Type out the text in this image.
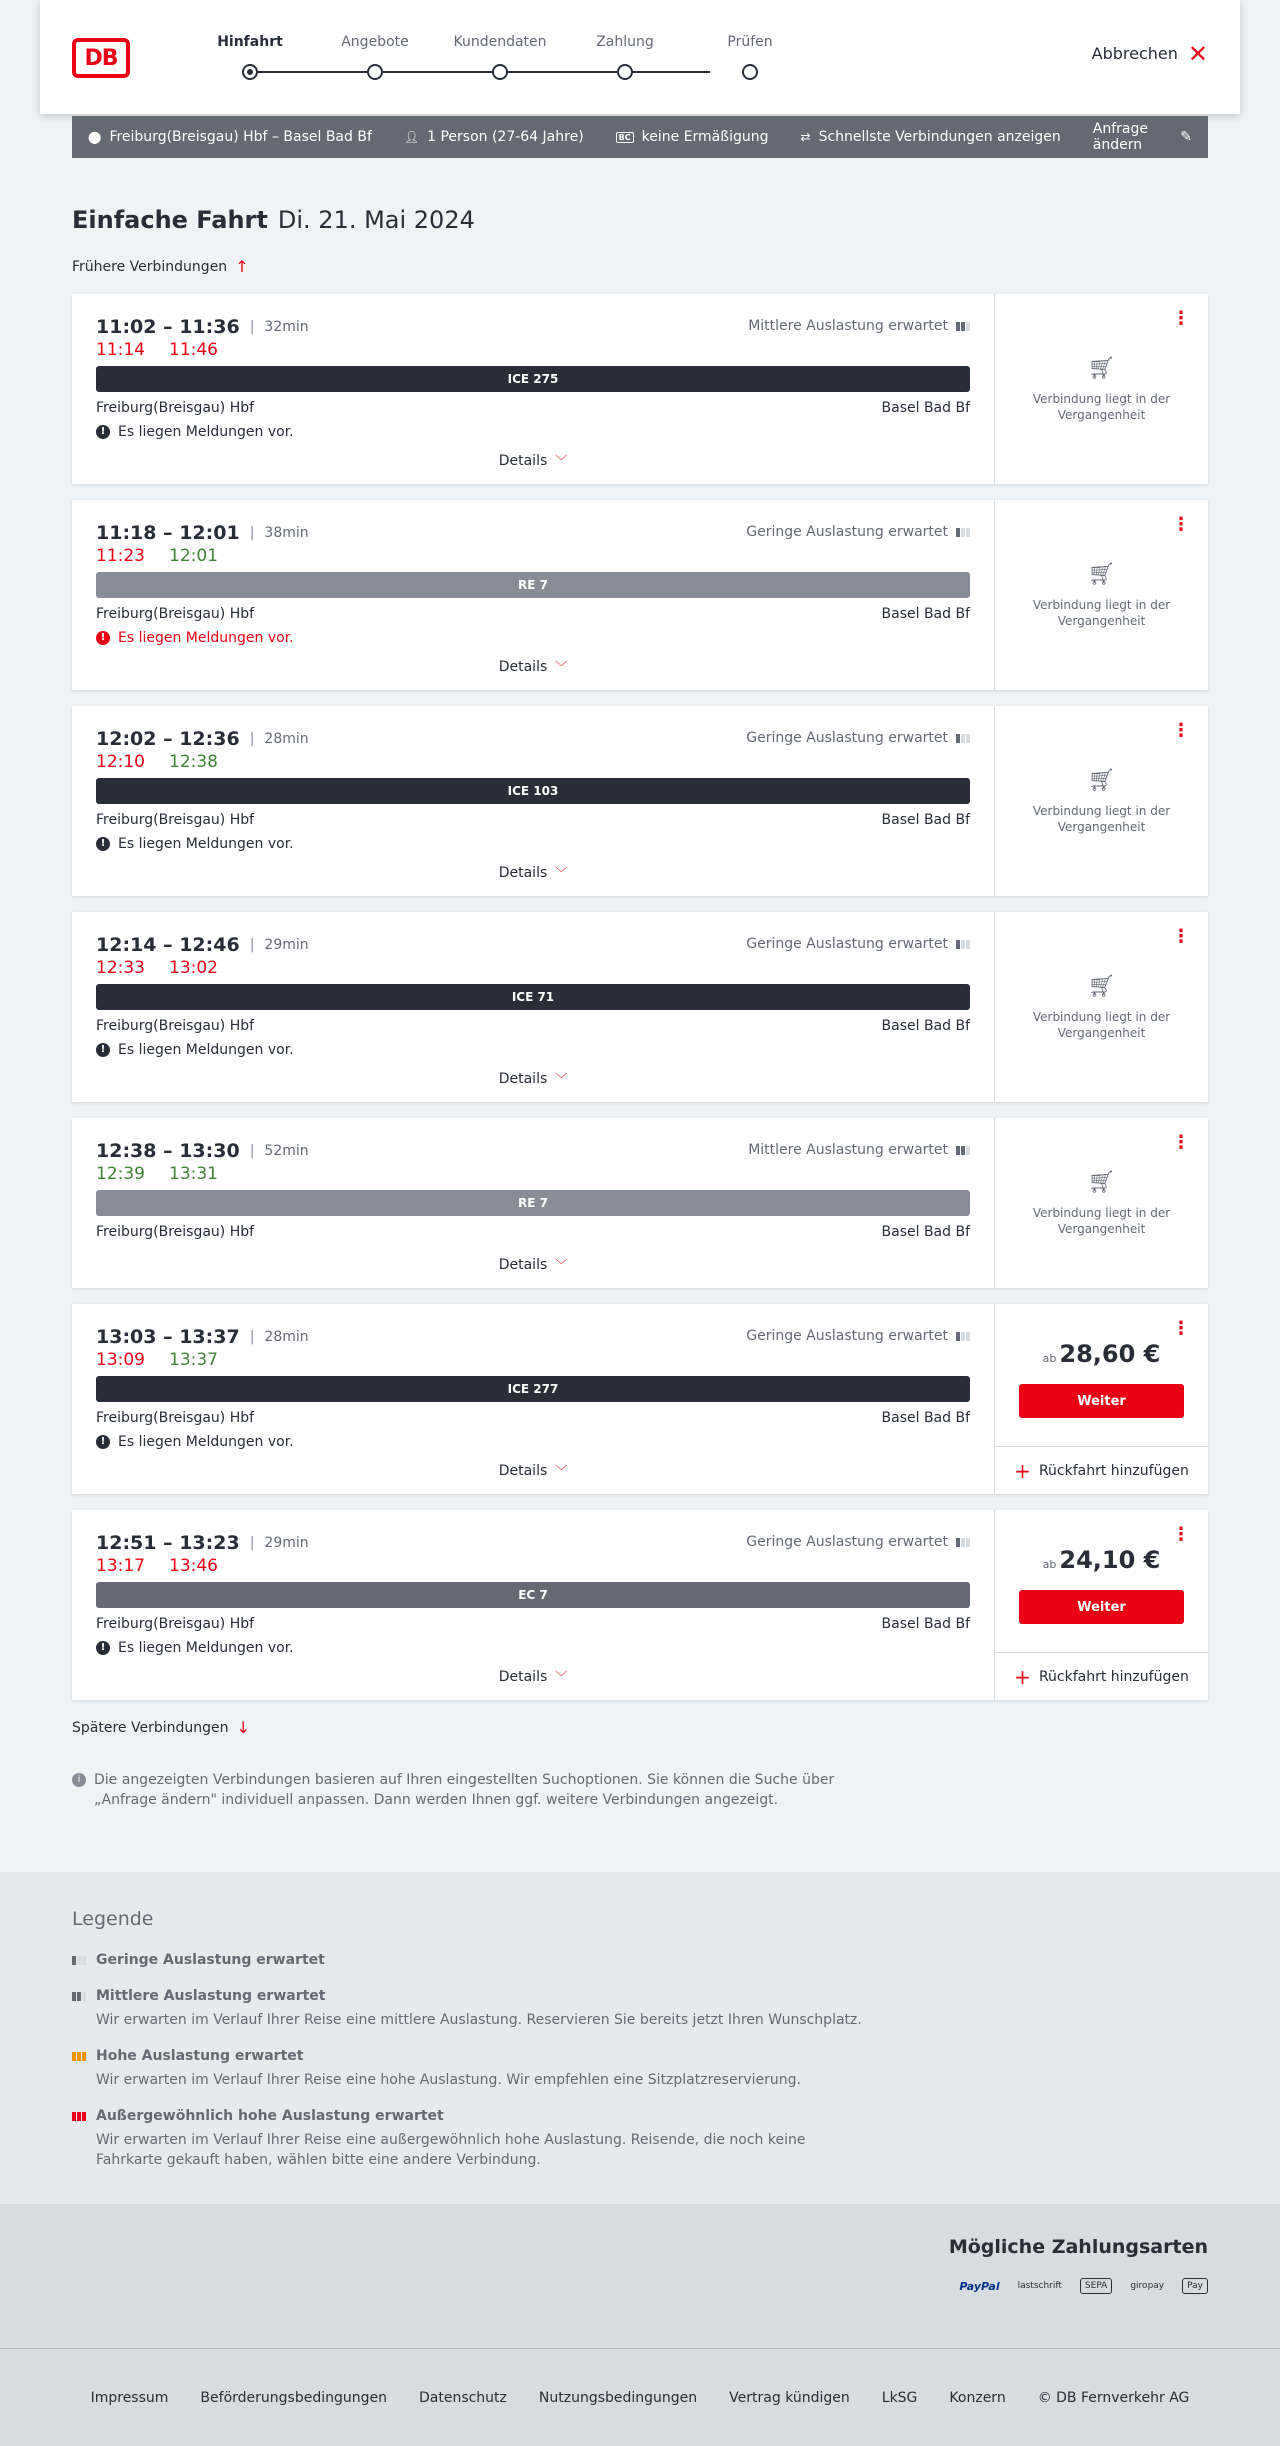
DB
Hinfahrt	Angebote	Kundendaten	Zahlung	Prüfen
Abbrechen ✕
⬤ Freiburg(Breisgau) Hbf – Basel Bad Bf	👤︎ 1 Person (27-64 Jahre)	BC keine Ermäßigung	⇄ Schnellste Verbindungen anzeigen Anfrage ändern	✎
Einfache Fahrt Di. 21. Mai 2024
Frühere Verbindungen ↑
11:02 – 11:36 | 32min
11:14 11:46
Mittlere Auslastung erwartet
ICE 275
Freiburg(Breisgau) Hbf	Basel Bad Bf
! Es liegen Meldungen vor.
Details ﹀
⋮
🛒︎
Verbindung liegt in der Vergangenheit
11:18 – 12:01 | 38min
11:23 12:01
Geringe Auslastung erwartet
RE 7
Freiburg(Breisgau) Hbf	Basel Bad Bf
! Es liegen Meldungen vor.
Details ﹀
⋮
🛒︎
Verbindung liegt in der Vergangenheit
12:02 – 12:36 | 28min
12:10 12:38
Geringe Auslastung erwartet
ICE 103
Freiburg(Breisgau) Hbf	Basel Bad Bf
! Es liegen Meldungen vor.
Details ﹀
⋮
🛒︎
Verbindung liegt in der Vergangenheit
12:14 – 12:46 | 29min
12:33 13:02
Geringe Auslastung erwartet
ICE 71
Freiburg(Breisgau) Hbf	Basel Bad Bf
! Es liegen Meldungen vor.
Details ﹀
⋮
🛒︎
Verbindung liegt in der Vergangenheit
12:38 – 13:30 | 52min
12:39 13:31
Mittlere Auslastung erwartet
RE 7
Freiburg(Breisgau) Hbf	Basel Bad Bf
Details ﹀
⋮
🛒︎
Verbindung liegt in der Vergangenheit
13:03 – 13:37 | 28min
13:09 13:37
Geringe Auslastung erwartet
ICE 277
Freiburg(Breisgau) Hbf	Basel Bad Bf
! Es liegen Meldungen vor.
Details ﹀
⋮
ab 28,60 €
Weiter
+ Rückfahrt hinzufügen
12:51 – 13:23 | 29min
13:17 13:46
Geringe Auslastung erwartet
EC 7
Freiburg(Breisgau) Hbf	Basel Bad Bf
! Es liegen Meldungen vor.
Details ﹀
⋮
ab 24,10 €
Weiter
+ Rückfahrt hinzufügen
Spätere Verbindungen ↓
i Die angezeigten Verbindungen basieren auf Ihren eingestellten Suchoptionen. Sie können die Suche über „Anfrage ändern" individuell anpassen. Dann werden Ihnen ggf. weitere Verbindungen angezeigt.
Legende
Geringe Auslastung erwartet
Mittlere Auslastung erwartet
Wir erwarten im Verlauf Ihrer Reise eine mittlere Auslastung. Reservieren Sie bereits jetzt Ihren Wunschplatz.
Hohe Auslastung erwartet
Wir erwarten im Verlauf Ihrer Reise eine hohe Auslastung. Wir empfehlen eine Sitzplatzreservierung.
Außergewöhnlich hohe Auslastung erwartet
Wir erwarten im Verlauf Ihrer Reise eine außergewöhnlich hohe Auslastung. Reisende, die noch keine Fahrkarte gekauft haben, wählen bitte eine andere Verbindung.
Mögliche Zahlungsarten
PayPal lastschrift	SEPA	giropay	Pay
Impressum Beförderungsbedingungen Datenschutz Nutzungsbedingungen Vertrag kündigen LkSG Konzern © DB Fernverkehr AG
